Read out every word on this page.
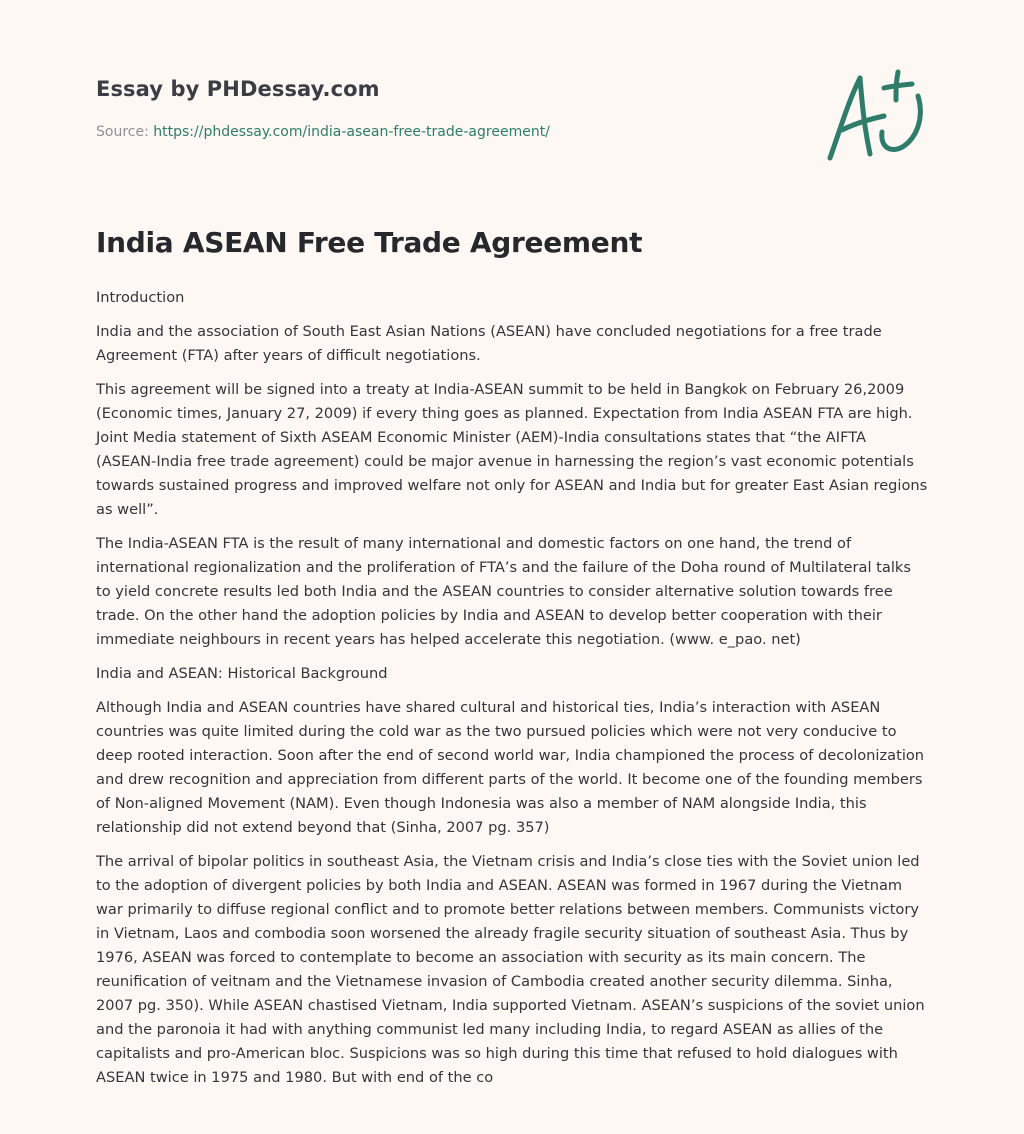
Essay by PHDessay.com
Source: https://phdessay.com/india-asean-free-trade-agreement/
India ASEAN Free Trade Agreement

Introduction

India and the association of South East Asian Nations (ASEAN) have concluded negotiations for a free trade Agreement (FTA) after years of difficult negotiations.

This agreement will be signed into a treaty at India-ASEAN summit to be held in Bangkok on February 26,2009 (Economic times, January 27, 2009) if every thing goes as planned. Expectation from India ASEAN FTA are high. Joint Media statement of Sixth ASEAM Economic Minister (AEM)-India consultations states that “the AIFTA (ASEAN-India free trade agreement) could be major avenue in harnessing the region’s vast economic potentials towards sustained progress and improved welfare not only for ASEAN and India but for greater East Asian regions as well”.

The India-ASEAN FTA is the result of many international and domestic factors on one hand, the trend of international regionalization and the proliferation of FTA’s and the failure of the Doha round of Multilateral talks to yield concrete results led both India and the ASEAN countries to consider alternative solution towards free trade. On the other hand the adoption policies by India and ASEAN to develop better cooperation with their immediate neighbours in recent years has helped accelerate this negotiation. (www. e_pao. net)

India and ASEAN: Historical Background

Although India and ASEAN countries have shared cultural and historical ties, India’s interaction with ASEAN countries was quite limited during the cold war as the two pursued policies which were not very conducive to deep rooted interaction. Soon after the end of second world war, India championed the process of decolonization and drew recognition and appreciation from different parts of the world. It become one of the founding members of Non-aligned Movement (NAM). Even though Indonesia was also a member of NAM alongside India, this relationship did not extend beyond that (Sinha, 2007 pg. 357)

The arrival of bipolar politics in southeast Asia, the Vietnam crisis and India’s close ties with the Soviet union led to the adoption of divergent policies by both India and ASEAN. ASEAN was formed in 1967 during the Vietnam war primarily to diffuse regional conflict and to promote better relations between members. Communists victory in Vietnam, Laos and combodia soon worsened the already fragile security situation of southeast Asia. Thus by 1976, ASEAN was forced to contemplate to become an association with security as its main concern. The reunification of veitnam and the Vietnamese invasion of Cambodia created another security dilemma. Sinha, 2007 pg. 350). While ASEAN chastised Vietnam, India supported Vietnam. ASEAN’s suspicions of the soviet union and the paronoia it had with anything communist led many including India, to regard ASEAN as allies of the capitalists and pro-American bloc. Suspicions was so high during this time that refused to hold dialogues with ASEAN twice in 1975 and 1980. But with end of the co
